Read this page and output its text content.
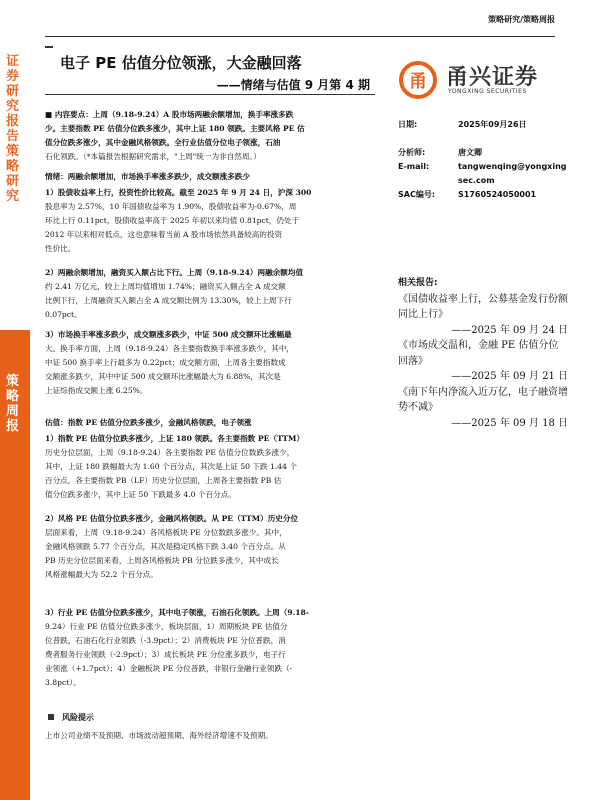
证券研究报告 策略研究
策略周报
策略研究/策略周报
电子 PE 估值分位领涨，大金融回落
——情绪与估值 9 月第 4 期 甬 甬兴证券
YONGXING SECURITIES
日期:	2025年09月26日
分析师:	唐文卿
E-mail:	tangwenqing@yongxingsec.com
SAC编号:	S1760524050001
相关报告:

《国债收益率上行，公募基金发行份额同比上行》

——2025 年 09 月 24 日

《市场成交温和，金融 PE 估值分位回落》

——2025 年 09 月 21 日

《南下年内净流入近万亿，电子融资增势不减》

——2025 年 09 月 18 日

■ 内容要点：上周（9.18-9.24）A 股市场两融余额增加，换手率涨多跌
少。主要指数 PE 估值分位跌多涨少，其中上证 180 领跌。主要风格 PE 估
值分位跌多涨少，其中金融风格领跌。全行业估值分位电子领涨，石油
石化领跌。（*本篇报告根据研究需求，"上周"统一为非自然周。）
情绪：两融余额增加，市场换手率涨多跌少，成交额涨多跌少
1）股债收益率上行，投资性价比较高。截至 2025 年 9 月 24 日，沪深 300
股息率为 2.57%，10 年国债收益率为 1.90%，股债收益率为-0.67%，周
环比上行 0.11pct，股债收益率高于 2025 年初以来均值 0.81pct，仍处于
2012 年以来相对低点，这也意味着当前 A 股市场依然具备较高的投资
性价比。
2）两融余额增加，融资买入额占比下行。上周（9.18-9.24）两融余额均值
约 2.41 万亿元，较上上周均值增加 1.74%；融资买入额占全 A 成交额
比例下行，上周融资买入额占全 A 成交额比例为 13.30%，较上上周下行
0.07pct。
3）市场换手率涨多跌少，成交额涨多跌少，中证 500 成交额环比涨幅最
大。换手率方面，上周（9.18-9.24）各主要指数换手率涨多跌少，其中，
中证 500 换手率上行最多为 0.22pct；成交额方面，上周各主要指数成
交额涨多跌少，其中中证 500 成交额环比涨幅最大为 6.88%，其次是
上证综指成交额上涨 6.25%。
估值：指数 PE 估值分位跌多涨少，金融风格领跌，电子领涨
1）指数 PE 估值分位跌多涨少，上证 180 领跌。各主要指数 PE（TTM）
历史分位层面，上周（9.18-9.24）各主要指数 PE 估值分位数跌多涨少，
其中，上证 180 跌幅最大为 1.60 个百分点，其次是上证 50 下跌 1.44 个
百分点。各主要指数 PB（LF）历史分位层面，上周各主要指数 PB 估
值分位跌多涨少，其中上证 50 下跌最多 4.0 个百分点。
2）风格 PE 估值分位跌多涨少，金融风格领跌。从 PE（TTM）历史分位
层面来看，上周（9.18-9.24）各风格板块 PE 分位数跌多涨少。其中，
金融风格领跌 5.77 个百分点，其次是稳定风格下跌 3.40 个百分点。从
PB 历史分位层面来看，上周各风格板块 PB 分位跌多涨少，其中成长
风格涨幅最大为 52.2 个百分点。
3）行业 PE 估值分位跌多涨少，其中电子领涨，石油石化领跌。上周（9.18-
9.24）行业 PE 估值分位跌多涨少，板块层面，1）周期板块 PE 估值分
位普跌，石油石化行业领跌（-3.9pct）；2）消费板块 PE 分位普跌，消
费者服务行业领跌（-2.9pct）；3）成长板块 PE 分位涨多跌少，电子行
业领涨（+1.7pct）；4）金融板块 PE 分位普跌，非银行金融行业领跌（-
3.8pct）。
风险提示
上市公司业绩不及预期、市场波动超预期、海外经济增速不及预期。
